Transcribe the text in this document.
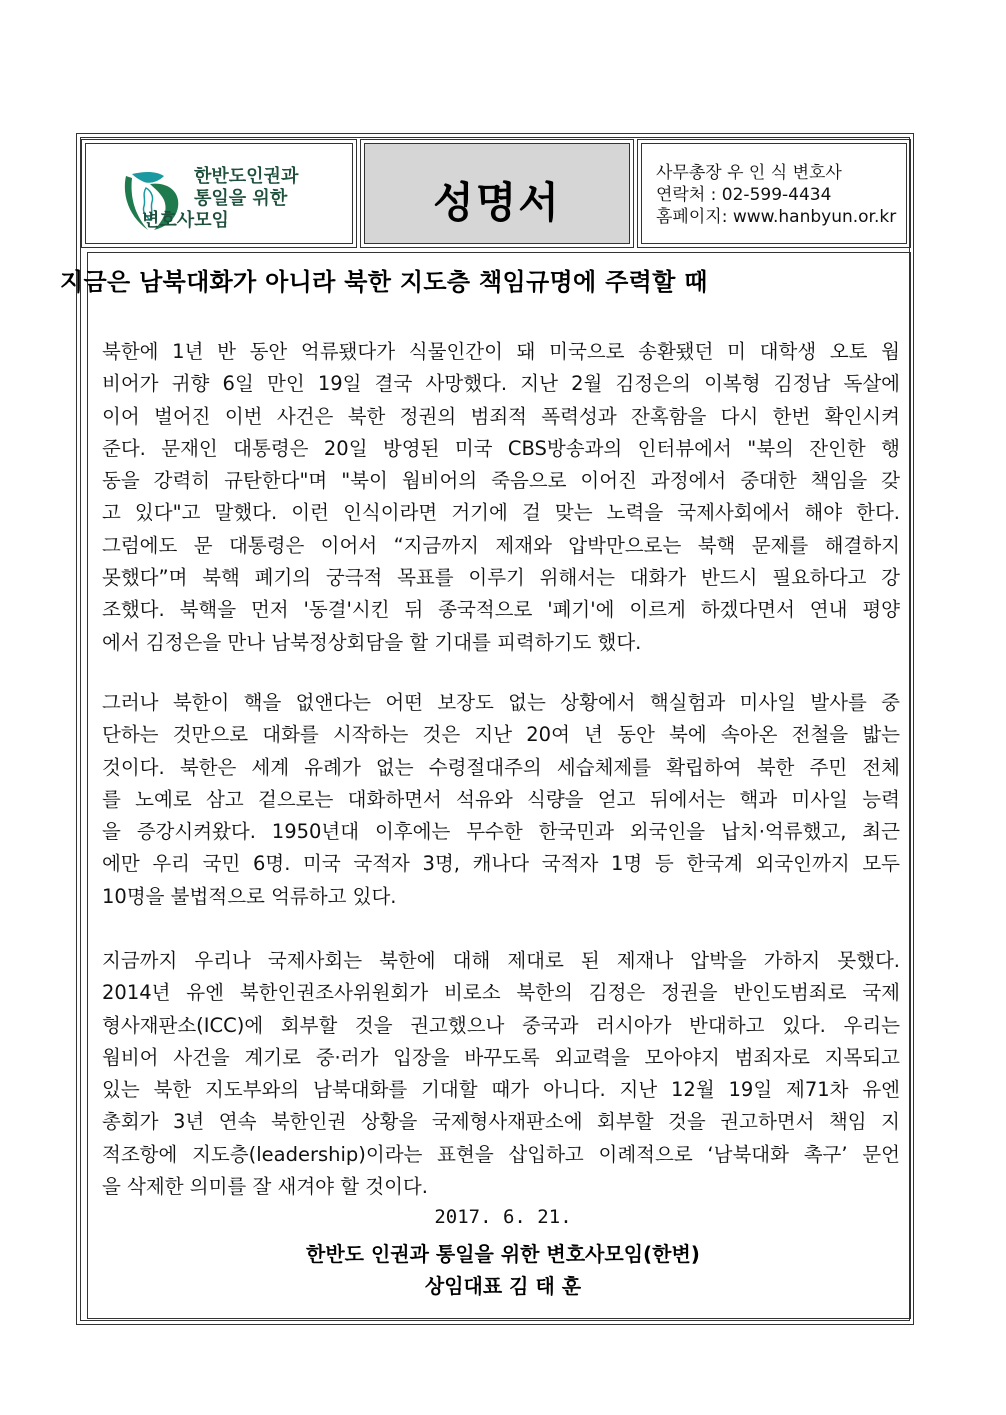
한반도인권과
통일을 위한
변호사모임	성명서
사무총장 우 인 식 변호사
연락처 : 02-599-4434
홈페이지: www.hanbyun.or.kr
지금은 남북대화가 아니라 북한 지도층 책임규명에 주력할 때
북한에 1년 반 동안 억류됐다가 식물인간이 돼 미국으로 송환됐던 미 대학생 오토 웜
비어가 귀향 6일 만인 19일 결국 사망했다. 지난 2월 김정은의 이복형 김정남 독살에
이어 벌어진 이번 사건은 북한 정권의 범죄적 폭력성과 잔혹함을 다시 한번 확인시켜
준다. 문재인 대통령은 20일 방영된 미국 CBS방송과의 인터뷰에서 "북의 잔인한 행
동을 강력히 규탄한다"며 "북이 웜비어의 죽음으로 이어진 과정에서 중대한 책임을 갖
고 있다"고 말했다. 이런 인식이라면 거기에 걸 맞는 노력을 국제사회에서 해야 한다.
그럼에도 문 대통령은 이어서 “지금까지 제재와 압박만으로는 북핵 문제를 해결하지
못했다”며 북핵 폐기의 궁극적 목표를 이루기 위해서는 대화가 반드시 필요하다고 강
조했다. 북핵을 먼저 '동결'시킨 뒤 종국적으로 '폐기'에 이르게 하겠다면서 연내 평양
에서 김정은을 만나 남북정상회담을 할 기대를 피력하기도 했다.
그러나 북한이 핵을 없앤다는 어떤 보장도 없는 상황에서 핵실험과 미사일 발사를 중
단하는 것만으로 대화를 시작하는 것은 지난 20여 년 동안 북에 속아온 전철을 밟는
것이다. 북한은 세계 유례가 없는 수령절대주의 세습체제를 확립하여 북한 주민 전체
를 노예로 삼고 겉으로는 대화하면서 석유와 식량을 얻고 뒤에서는 핵과 미사일 능력
을 증강시켜왔다. 1950년대 이후에는 무수한 한국민과 외국인을 납치·억류했고, 최근
에만 우리 국민 6명. 미국 국적자 3명, 캐나다 국적자 1명 등 한국계 외국인까지 모두
10명을 불법적으로 억류하고 있다.
지금까지 우리나 국제사회는 북한에 대해 제대로 된 제재나 압박을 가하지 못했다.
2014년 유엔 북한인권조사위원회가 비로소 북한의 김정은 정권을 반인도범죄로 국제
형사재판소(ICC)에 회부할 것을 권고했으나 중국과 러시아가 반대하고 있다. 우리는
웜비어 사건을 계기로 중·러가 입장을 바꾸도록 외교력을 모아야지 범죄자로 지목되고
있는 북한 지도부와의 남북대화를 기대할 때가 아니다. 지난 12월 19일 제71차 유엔
총회가 3년 연속 북한인권 상황을 국제형사재판소에 회부할 것을 권고하면서 책임 지
적조항에 지도층(leadership)이라는 표현을 삽입하고 이례적으로 ‘남북대화 촉구’ 문언
을 삭제한 의미를 잘 새겨야 할 것이다.
2017. 6. 21.
한반도 인권과 통일을 위한 변호사모임(한변)
상임대표 김 태 훈
